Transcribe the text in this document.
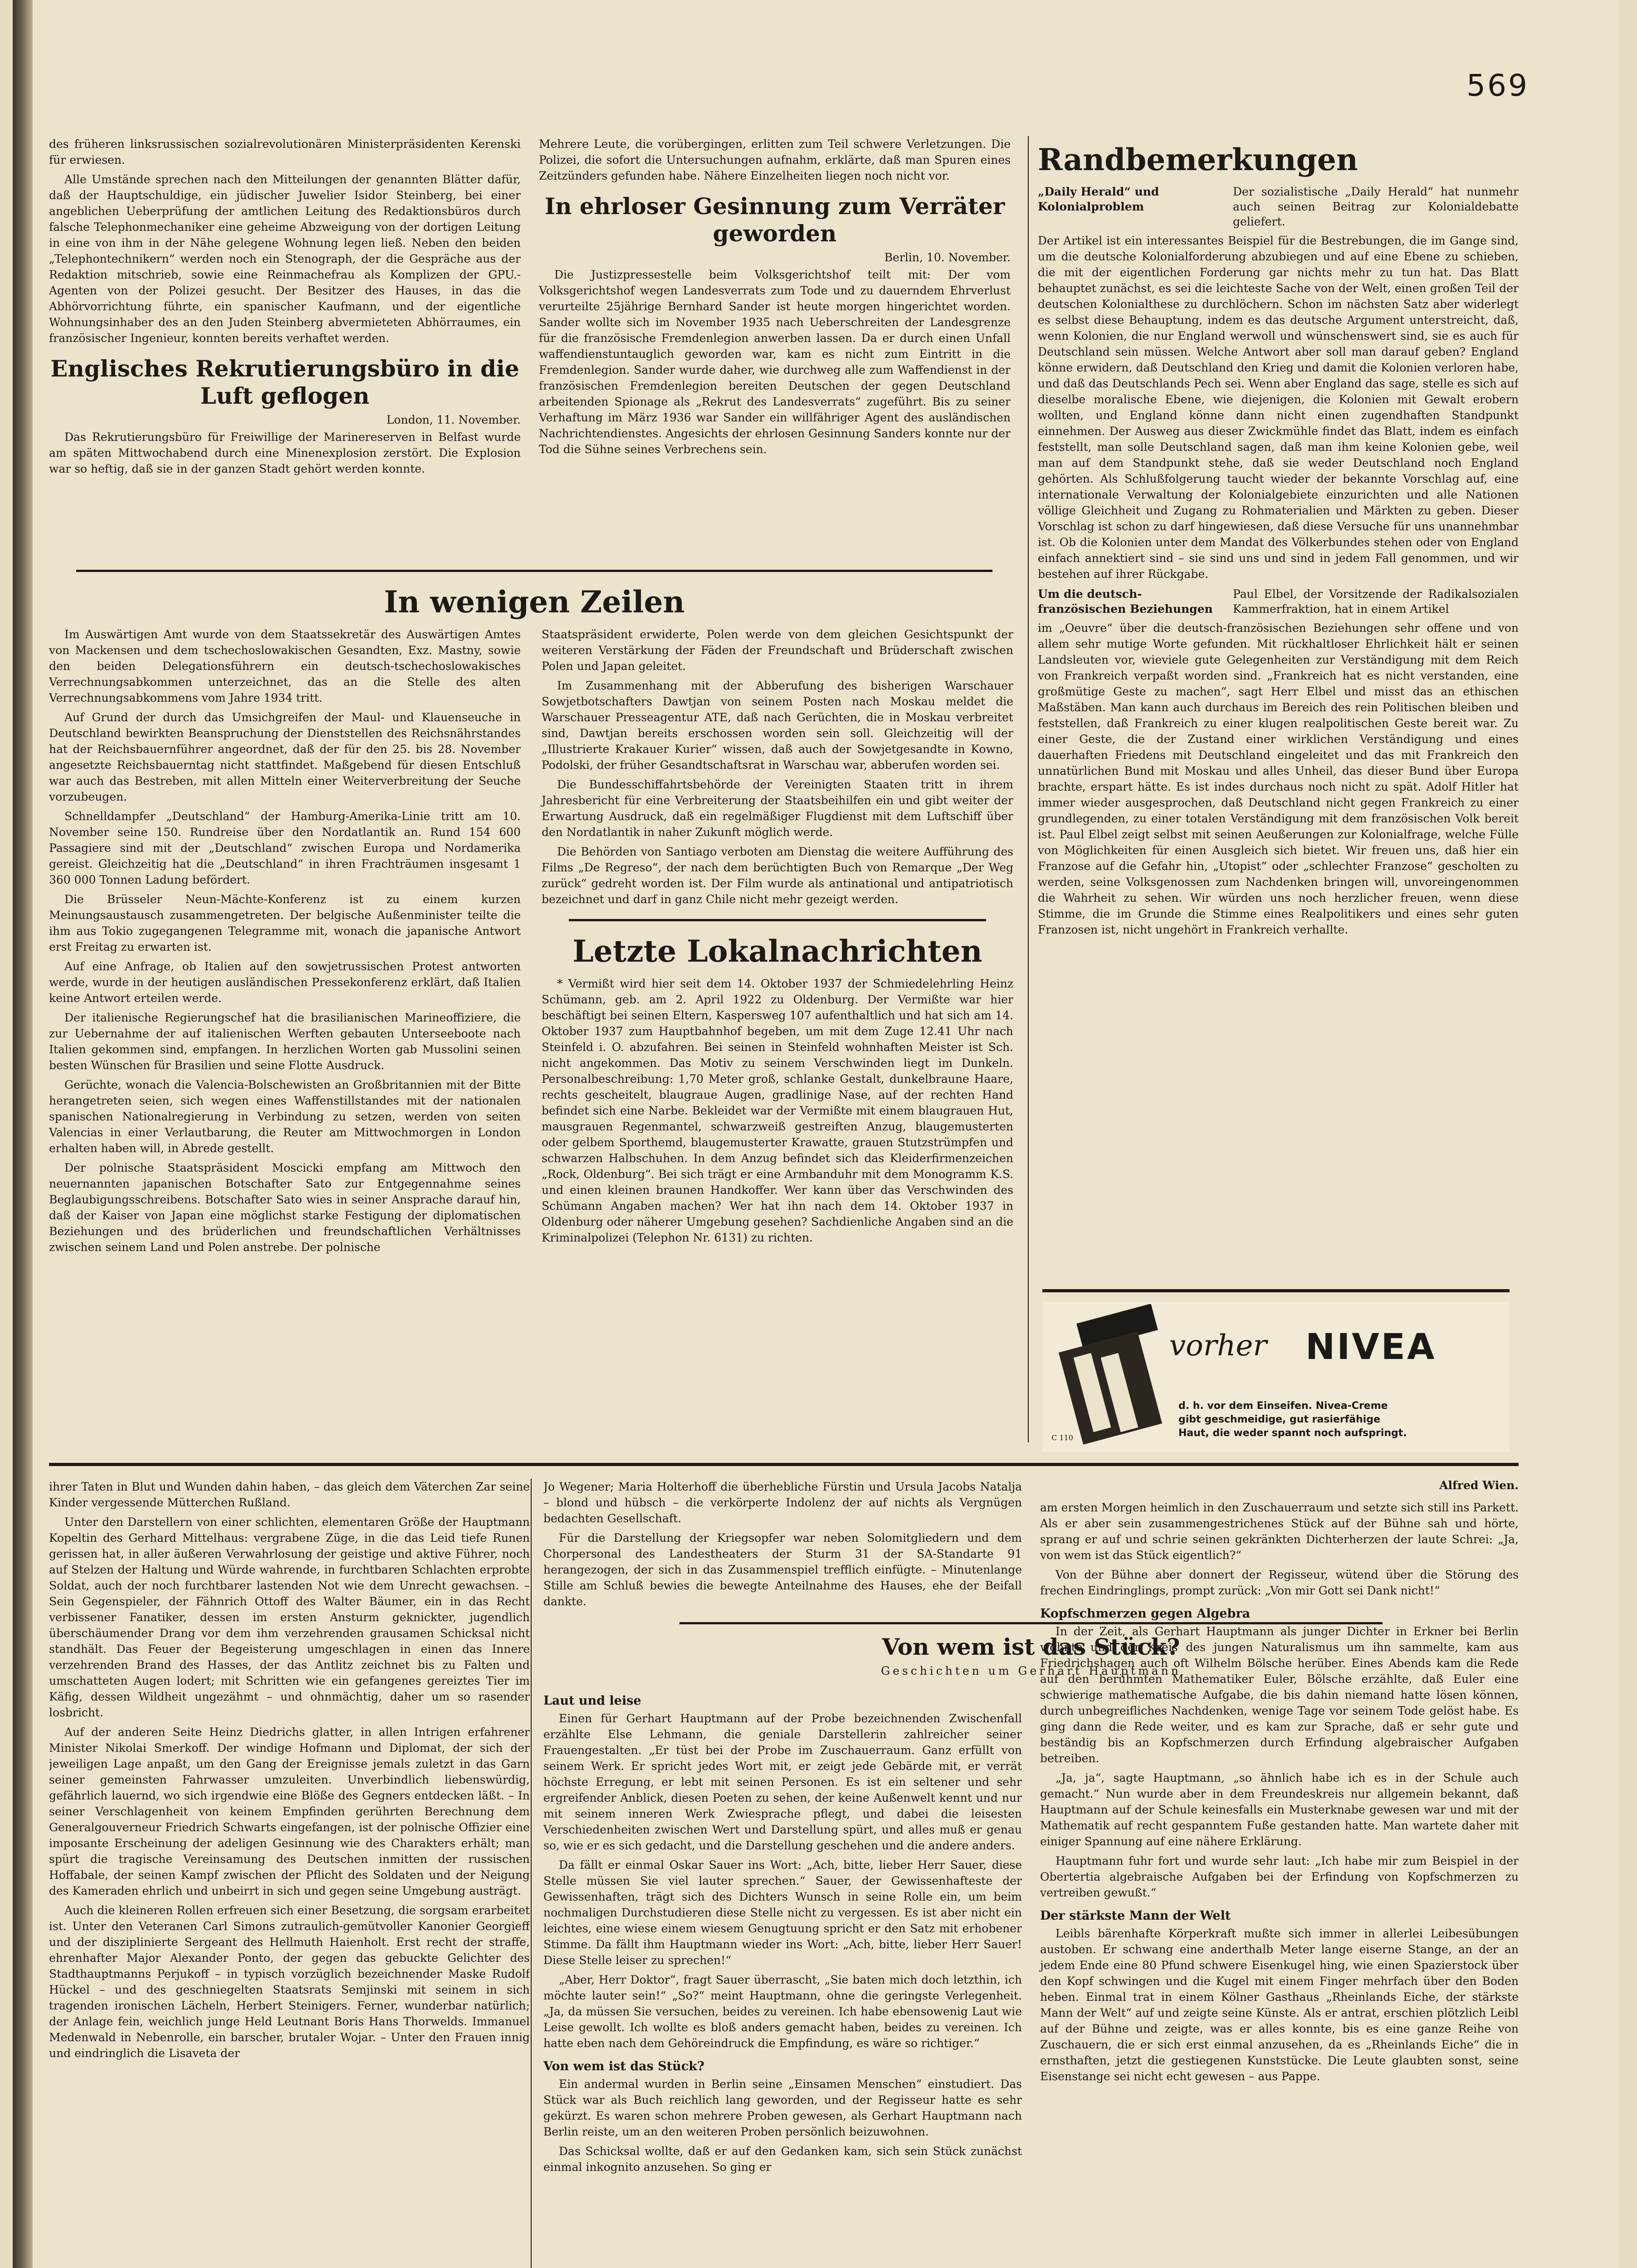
569

des früheren linksrussischen sozialrevolutionären Ministerpräsidenten Kerenski für erwiesen.

Alle Umstände sprechen nach den Mitteilungen der genannten Blätter dafür, daß der Hauptschuldige, ein jüdischer Juwelier Isidor Steinberg, bei einer angeblichen Ueberprüfung der amtlichen Leitung des Redaktionsbüros durch falsche Telephonmechaniker eine geheime Abzweigung von der dortigen Leitung in eine von ihm in der Nähe gelegene Wohnung legen ließ. Neben den beiden „Telephontechnikern“ werden noch ein Stenograph, der die Gespräche aus der Redaktion mitschrieb, sowie eine Reinmachefrau als Komplizen der GPU.-Agenten von der Polizei gesucht. Der Besitzer des Hauses, in das die Abhörvorrichtung führte, ein spanischer Kaufmann, und der eigentliche Wohnungsinhaber des an den Juden Steinberg abvermieteten Abhörraumes, ein französischer Ingenieur, konnten bereits verhaftet werden.

Englisches Rekrutierungsbüro in die Luft geflogen
London, 11. November.

Das Rekrutierungsbüro für Freiwillige der Marinereserven in Belfast wurde am späten Mittwochabend durch eine Minenexplosion zerstört. Die Explosion war so heftig, daß sie in der ganzen Stadt gehört werden konnte.

Mehrere Leute, die vorübergingen, erlitten zum Teil schwere Verletzungen. Die Polizei, die sofort die Untersuchungen aufnahm, erklärte, daß man Spuren eines Zeitzünders gefunden habe. Nähere Einzelheiten liegen noch nicht vor.

In ehrloser Gesinnung zum Verräter geworden
Berlin, 10. November.

Die Justizpressestelle beim Volksgerichtshof teilt mit: Der vom Volksgerichtshof wegen Landesverrats zum Tode und zu dauerndem Ehrverlust verurteilte 25jährige Bernhard Sander ist heute morgen hingerichtet worden. Sander wollte sich im November 1935 nach Ueberschreiten der Landesgrenze für die französische Fremdenlegion anwerben lassen. Da er durch einen Unfall waffendienstuntauglich geworden war, kam es nicht zum Eintritt in die Fremdenlegion. Sander wurde daher, wie durchweg alle zum Waffendienst in der französischen Fremdenlegion bereiten Deutschen der gegen Deutschland arbeitenden Spionage als „Rekrut des Landesverrats“ zugeführt. Bis zu seiner Verhaftung im März 1936 war Sander ein willfähriger Agent des ausländischen Nachrichtendienstes. Angesichts der ehrlosen Gesinnung Sanders konnte nur der Tod die Sühne seines Verbrechens sein.

In wenigen Zeilen

Im Auswärtigen Amt wurde von dem Staatssekretär des Auswärtigen Amtes von Mackensen und dem tschechoslowakischen Gesandten, Exz. Mastny, sowie den beiden Delegationsführern ein deutsch-tschechoslowakisches Verrechnungsabkommen unterzeichnet, das an die Stelle des alten Verrechnungsabkommens vom Jahre 1934 tritt.

Auf Grund der durch das Umsichgreifen der Maul- und Klauenseuche in Deutschland bewirkten Beanspruchung der Dienststellen des Reichsnährstandes hat der Reichsbauernführer angeordnet, daß der für den 25. bis 28. November angesetzte Reichsbauerntag nicht stattfindet. Maßgebend für diesen Entschluß war auch das Bestreben, mit allen Mitteln einer Weiterverbreitung der Seuche vorzubeugen.

Schnelldampfer „Deutschland“ der Hamburg-Amerika-Linie tritt am 10. November seine 150. Rundreise über den Nordatlantik an. Rund 154 600 Passagiere sind mit der „Deutschland“ zwischen Europa und Nordamerika gereist. Gleichzeitig hat die „Deutschland“ in ihren Frachträumen insgesamt 1 360 000 Tonnen Ladung befördert.

Die Brüsseler Neun-Mächte-Konferenz ist zu einem kurzen Meinungsaustausch zusammengetreten. Der belgische Außenminister teilte die ihm aus Tokio zugegangenen Telegramme mit, wonach die japanische Antwort erst Freitag zu erwarten ist.

Auf eine Anfrage, ob Italien auf den sowjetrussischen Protest antworten werde, wurde in der heutigen ausländischen Pressekonferenz erklärt, daß Italien keine Antwort erteilen werde.

Der italienische Regierungschef hat die brasilianischen Marineoffiziere, die zur Uebernahme der auf italienischen Werften gebauten Unterseeboote nach Italien gekommen sind, empfangen. In herzlichen Worten gab Mussolini seinen besten Wünschen für Brasilien und seine Flotte Ausdruck.

Gerüchte, wonach die Valencia-Bolschewisten an Großbritannien mit der Bitte herangetreten seien, sich wegen eines Waffenstillstandes mit der nationalen spanischen Nationalregierung in Verbindung zu setzen, werden von seiten Valencias in einer Verlautbarung, die Reuter am Mittwochmorgen in London erhalten haben will, in Abrede gestellt.

Der polnische Staatspräsident Moscicki empfang am Mittwoch den neuernannten japanischen Botschafter Sato zur Entgegennahme seines Beglaubigungsschreibens. Botschafter Sato wies in seiner Ansprache darauf hin, daß der Kaiser von Japan eine möglichst starke Festigung der diplomatischen Beziehungen und des brüderlichen und freundschaftlichen Verhältnisses zwischen seinem Land und Polen anstrebe. Der polnische

Staatspräsident erwiderte, Polen werde von dem gleichen Gesichtspunkt der weiteren Verstärkung der Fäden der Freundschaft und Brüderschaft zwischen Polen und Japan geleitet.

Im Zusammenhang mit der Abberufung des bisherigen Warschauer Sowjetbotschafters Dawtjan von seinem Posten nach Moskau meldet die Warschauer Presseagentur ATE, daß nach Gerüchten, die in Moskau verbreitet sind, Dawtjan bereits erschossen worden sein soll. Gleichzeitig will der „Illustrierte Krakauer Kurier“ wissen, daß auch der Sowjetgesandte in Kowno, Podolski, der früher Gesandtschaftsrat in Warschau war, abberufen worden sei.

Die Bundesschiffahrtsbehörde der Vereinigten Staaten tritt in ihrem Jahresbericht für eine Verbreiterung der Staatsbeihilfen ein und gibt weiter der Erwartung Ausdruck, daß ein regelmäßiger Flugdienst mit dem Luftschiff über den Nordatlantik in naher Zukunft möglich werde.

Die Behörden von Santiago verboten am Dienstag die weitere Aufführung des Films „De Regreso“, der nach dem berüchtigten Buch von Remarque „Der Weg zurück“ gedreht worden ist. Der Film wurde als antinational und antipatriotisch bezeichnet und darf in ganz Chile nicht mehr gezeigt werden.

Letzte Lokalnachrichten

* Vermißt wird hier seit dem 14. Oktober 1937 der Schmiedelehrling Heinz Schümann, geb. am 2. April 1922 zu Oldenburg. Der Vermißte war hier beschäftigt bei seinen Eltern, Kaspersweg 107 aufenthaltlich und hat sich am 14. Oktober 1937 zum Hauptbahnhof begeben, um mit dem Zuge 12.41 Uhr nach Steinfeld i. O. abzufahren. Bei seinen in Steinfeld wohnhaften Meister ist Sch. nicht angekommen. Das Motiv zu seinem Verschwinden liegt im Dunkeln. Personalbeschreibung: 1,70 Meter groß, schlanke Gestalt, dunkelbraune Haare, rechts gescheitelt, blaugraue Augen, gradlinige Nase, auf der rechten Hand befindet sich eine Narbe. Bekleidet war der Vermißte mit einem blaugrauen Hut, mausgrauen Regenmantel, schwarzweiß gestreiften Anzug, blaugemusterten oder gelbem Sporthemd, blaugemusterter Krawatte, grauen Stutzstrümpfen und schwarzen Halbschuhen. In dem Anzug befindet sich das Kleiderfirmenzeichen „Rock, Oldenburg“. Bei sich trägt er eine Armbanduhr mit dem Monogramm K.S. und einen kleinen braunen Handkoffer. Wer kann über das Verschwinden des Schümann Angaben machen? Wer hat ihn nach dem 14. Oktober 1937 in Oldenburg oder näherer Umgebung gesehen? Sachdienliche Angaben sind an die Kriminalpolizei (Telephon Nr. 6131) zu richten.

Randbemerkungen
„Daily Herald“ und Kolonialproblem
Der sozialistische „Daily Herald“ hat nunmehr auch seinen Beitrag zur Kolonialdebatte geliefert.

Der Artikel ist ein interessantes Beispiel für die Bestrebungen, die im Gange sind, um die deutsche Kolonialforderung abzubiegen und auf eine Ebene zu schieben, die mit der eigentlichen Forderung gar nichts mehr zu tun hat. Das Blatt behauptet zunächst, es sei die leichteste Sache von der Welt, einen großen Teil der deutschen Kolonialthese zu durchlöchern. Schon im nächsten Satz aber widerlegt es selbst diese Behauptung, indem es das deutsche Argument unterstreicht, daß, wenn Kolonien, die nur England werwoll und wünschenswert sind, sie es auch für Deutschland sein müssen. Welche Antwort aber soll man darauf geben? England könne erwidern, daß Deutschland den Krieg und damit die Kolonien verloren habe, und daß das Deutschlands Pech sei. Wenn aber England das sage, stelle es sich auf dieselbe moralische Ebene, wie diejenigen, die Kolonien mit Gewalt erobern wollten, und England könne dann nicht einen zugendhaften Standpunkt einnehmen. Der Ausweg aus dieser Zwickmühle findet das Blatt, indem es einfach feststellt, man solle Deutschland sagen, daß man ihm keine Kolonien gebe, weil man auf dem Standpunkt stehe, daß sie weder Deutschland noch England gehörten. Als Schlußfolgerung taucht wieder der bekannte Vorschlag auf, eine internationale Verwaltung der Kolonialgebiete einzurichten und alle Nationen völlige Gleichheit und Zugang zu Rohmaterialien und Märkten zu geben. Dieser Vorschlag ist schon zu darf hingewiesen, daß diese Versuche für uns unannehmbar ist. Ob die Kolonien unter dem Mandat des Völkerbundes stehen oder von England einfach annektiert sind – sie sind uns und sind in jedem Fall genommen, und wir bestehen auf ihrer Rückgabe.

Um die deutsch-französischen Beziehungen
Paul Elbel, der Vorsitzende der Radikalsozialen Kammerfraktion, hat in einem Artikel

im „Oeuvre“ über die deutsch-französischen Beziehungen sehr offene und von allem sehr mutige Worte gefunden. Mit rückhaltloser Ehrlichkeit hält er seinen Landsleuten vor, wieviele gute Gelegenheiten zur Verständigung mit dem Reich von Frankreich verpaßt worden sind. „Frankreich hat es nicht verstanden, eine großmütige Geste zu machen“, sagt Herr Elbel und misst das an ethischen Maßstäben. Man kann auch durchaus im Bereich des rein Politischen bleiben und feststellen, daß Frankreich zu einer klugen realpolitischen Geste bereit war. Zu einer Geste, die der Zustand einer wirklichen Verständigung und eines dauerhaften Friedens mit Deutschland eingeleitet und das mit Frankreich den unnatürlichen Bund mit Moskau und alles Unheil, das dieser Bund über Europa brachte, erspart hätte. Es ist indes durchaus noch nicht zu spät. Adolf Hitler hat immer wieder ausgesprochen, daß Deutschland nicht gegen Frankreich zu einer grundlegenden, zu einer totalen Verständigung mit dem französischen Volk bereit ist. Paul Elbel zeigt selbst mit seinen Aeußerungen zur Kolonialfrage, welche Fülle von Möglichkeiten für einen Ausgleich sich bietet. Wir freuen uns, daß hier ein Franzose auf die Gefahr hin, „Utopist“ oder „schlechter Franzose“ gescholten zu werden, seine Volksgenossen zum Nachdenken bringen will, unvoreingenommen die Wahrheit zu sehen. Wir würden uns noch herzlicher freuen, wenn diese Stimme, die im Grunde die Stimme eines Realpolitikers und eines sehr guten Franzosen ist, nicht ungehört in Frankreich verhallte.

vorher NIVEA
d. h. vor dem Einseifen. Nivea-Creme
gibt geschmeidige, gut rasierfähige
Haut, die weder spannt noch aufspringt.
C 110

ihrer Taten in Blut und Wunden dahin haben, – das gleich dem Väterchen Zar seine Kinder vergessende Mütterchen Rußland.

Unter den Darstellern von einer schlichten, elementaren Größe der Hauptmann Kopeltin des Gerhard Mittelhaus: vergrabene Züge, in die das Leid tiefe Runen gerissen hat, in aller äußeren Verwahrlosung der geistige und aktive Führer, noch auf Stelzen der Haltung und Würde wahrende, in furchtbaren Schlachten erprobte Soldat, auch der noch furchtbarer lastenden Not wie dem Unrecht gewachsen. – Sein Gegenspieler, der Fähnrich Ottoff des Walter Bäumer, ein in das Recht verbissener Fanatiker, dessen im ersten Ansturm geknickter, jugendlich überschäumender Drang vor dem ihm verzehrenden grausamen Schicksal nicht standhält. Das Feuer der Begeisterung umgeschlagen in einen das Innere verzehrenden Brand des Hasses, der das Antlitz zeichnet bis zu Falten und umschatteten Augen lodert; mit Schritten wie ein gefangenes gereiztes Tier im Käfig, dessen Wildheit ungezähmt – und ohnmächtig, daher um so rasender losbricht.

Auf der anderen Seite Heinz Diedrichs glatter, in allen Intrigen erfahrener Minister Nikolai Smerkoff. Der windige Hofmann und Diplomat, der sich der jeweiligen Lage anpaßt, um den Gang der Ereignisse jemals zuletzt in das Garn seiner gemeinsten Fahrwasser umzuleiten. Unverbindlich liebenswürdig, gefährlich lauernd, wo sich irgendwie eine Blöße des Gegners entdecken läßt. – In seiner Verschlagenheit von keinem Empfinden gerührten Berechnung dem Generalgouverneur Friedrich Schwarts eingefangen, ist der polnische Offizier eine imposante Erscheinung der adeligen Gesinnung wie des Charakters erhält; man spürt die tragische Vereinsamung des Deutschen inmitten der russischen Hoffabale, der seinen Kampf zwischen der Pflicht des Soldaten und der Neigung des Kameraden ehrlich und unbeirrt in sich und gegen seine Umgebung austrägt.

Auch die kleineren Rollen erfreuen sich einer Besetzung, die sorgsam erarbeitet ist. Unter den Veteranen Carl Simons zutraulich-gemütvoller Kanonier Georgieff und der disziplinierte Sergeant des Hellmuth Haienholt. Erst recht der straffe, ehrenhafter Major Alexander Ponto, der gegen das gebuckte Gelichter des Stadthauptmanns Perjukoff – in typisch vorzüglich bezeichnender Maske Rudolf Hückel – und des geschniegelten Staatsrats Semjinski mit seinem in sich tragenden ironischen Lächeln, Herbert Steinigers. Ferner, wunderbar natürlich; der Anlage fein, weichlich junge Held Leutnant Boris Hans Thorwelds. Immanuel Medenwald in Nebenrolle, ein barscher, brutaler Wojar. – Unter den Frauen innig und eindringlich die Lisaveta der

Jo Wegener; Maria Holterhoff die überhebliche Fürstin und Ursula Jacobs Natalja – blond und hübsch – die verkörperte Indolenz der auf nichts als Vergnügen bedachten Gesellschaft.

Für die Darstellung der Kriegsopfer war neben Solomitgliedern und dem Chorpersonal des Landestheaters der Sturm 31 der SA-Standarte 91 herangezogen, der sich in das Zusammenspiel trefflich einfügte. – Minutenlange Stille am Schluß bewies die bewegte Anteilnahme des Hauses, ehe der Beifall dankte.

Alfred Wien.
Von wem ist das Stück?
Geschichten um Gerhart Hauptmann
Laut und leise

Einen für Gerhart Hauptmann auf der Probe bezeichnenden Zwischenfall erzählte Else Lehmann, die geniale Darstellerin zahlreicher seiner Frauengestalten. „Er tüst bei der Probe im Zuschauerraum. Ganz erfüllt von seinem Werk. Er spricht jedes Wort mit, er zeigt jede Gebärde mit, er verrät höchste Erregung, er lebt mit seinen Personen. Es ist ein seltener und sehr ergreifender Anblick, diesen Poeten zu sehen, der keine Außenwelt kennt und nur mit seinem inneren Werk Zwiesprache pflegt, und dabei die leisesten Verschiedenheiten zwischen Wert und Darstellung spürt, und alles muß er genau so, wie er es sich gedacht, und die Darstellung geschehen und die andere anders.

Da fällt er einmal Oskar Sauer ins Wort: „Ach, bitte, lieber Herr Sauer, diese Stelle müssen Sie viel lauter sprechen.“ Sauer, der Gewissenhafteste der Gewissenhaften, trägt sich des Dichters Wunsch in seine Rolle ein, um beim nochmaligen Durchstudieren diese Stelle nicht zu vergessen. Es ist aber nicht ein leichtes, eine wiese einem wiesem Genugtuung spricht er den Satz mit erhobener Stimme. Da fällt ihm Hauptmann wieder ins Wort: „Ach, bitte, lieber Herr Sauer! Diese Stelle leiser zu sprechen!“

„Aber, Herr Doktor“, fragt Sauer überrascht, „Sie baten mich doch letzthin, ich möchte lauter sein!“ „So?“ meint Hauptmann, ohne die geringste Verlegenheit. „Ja, da müssen Sie versuchen, beides zu vereinen. Ich habe ebensowenig Laut wie Leise gewollt. Ich wollte es bloß anders gemacht haben, beides zu vereinen. Ich hatte eben nach dem Gehöreindruck die Empfindung, es wäre so richtiger.“

Von wem ist das Stück?

Ein andermal wurden in Berlin seine „Einsamen Menschen“ einstudiert. Das Stück war als Buch reichlich lang geworden, und der Regisseur hatte es sehr gekürzt. Es waren schon mehrere Proben gewesen, als Gerhart Hauptmann nach Berlin reiste, um an den weiteren Proben persönlich beizuwohnen.

Das Schicksal wollte, daß er auf den Gedanken kam, sich sein Stück zunächst einmal inkognito anzusehen. So ging er

am ersten Morgen heimlich in den Zuschauerraum und setzte sich still ins Parkett. Als er aber sein zusammengestrichenes Stück auf der Bühne sah und hörte, sprang er auf und schrie seinen gekränkten Dichterherzen der laute Schrei: „Ja, von wem ist das Stück eigentlich?“

Von der Bühne aber donnert der Regisseur, wütend über die Störung des frechen Eindringlings, prompt zurück: „Von mir Gott sei Dank nicht!“

Kopfschmerzen gegen Algebra

In der Zeit, als Gerhart Hauptmann als junger Dichter in Erkner bei Berlin wohnte und der Kreis des jungen Naturalismus um ihn sammelte, kam aus Friedrichshagen auch oft Wilhelm Bölsche herüber. Eines Abends kam die Rede auf den berühmten Mathematiker Euler, Bölsche erzählte, daß Euler eine schwierige mathematische Aufgabe, die bis dahin niemand hatte lösen können, durch unbegreifliches Nachdenken, wenige Tage vor seinem Tode gelöst habe. Es ging dann die Rede weiter, und es kam zur Sprache, daß er sehr gute und beständig bis an Kopfschmerzen durch Erfindung algebraischer Aufgaben betreiben.

„Ja, ja“, sagte Hauptmann, „so ähnlich habe ich es in der Schule auch gemacht.“ Nun wurde aber in dem Freundeskreis nur allgemein bekannt, daß Hauptmann auf der Schule keinesfalls ein Musterknabe gewesen war und mit der Mathematik auf recht gespanntem Fuße gestanden hatte. Man wartete daher mit einiger Spannung auf eine nähere Erklärung.

Hauptmann fuhr fort und wurde sehr laut: „Ich habe mir zum Beispiel in der Obertertia algebraische Aufgaben bei der Erfindung von Kopfschmerzen zu vertreiben gewußt.“

Der stärkste Mann der Welt

Leibls bärenhafte Körperkraft mußte sich immer in allerlei Leibesübungen austoben. Er schwang eine anderthalb Meter lange eiserne Stange, an der an jedem Ende eine 80 Pfund schwere Eisenkugel hing, wie einen Spazierstock über den Kopf schwingen und die Kugel mit einem Finger mehrfach über den Boden heben. Einmal trat in einem Kölner Gasthaus „Rheinlands Eiche, der stärkste Mann der Welt“ auf und zeigte seine Künste. Als er antrat, erschien plötzlich Leibl auf der Bühne und zeigte, was er alles konnte, bis es eine ganze Reihe von Zuschauern, die er sich erst einmal anzusehen, da es „Rheinlands Eiche“ die in ernsthaften, jetzt die gestiegenen Kunststücke. Die Leute glaubten sonst, seine Eisenstange sei nicht echt gewesen – aus Pappe.
